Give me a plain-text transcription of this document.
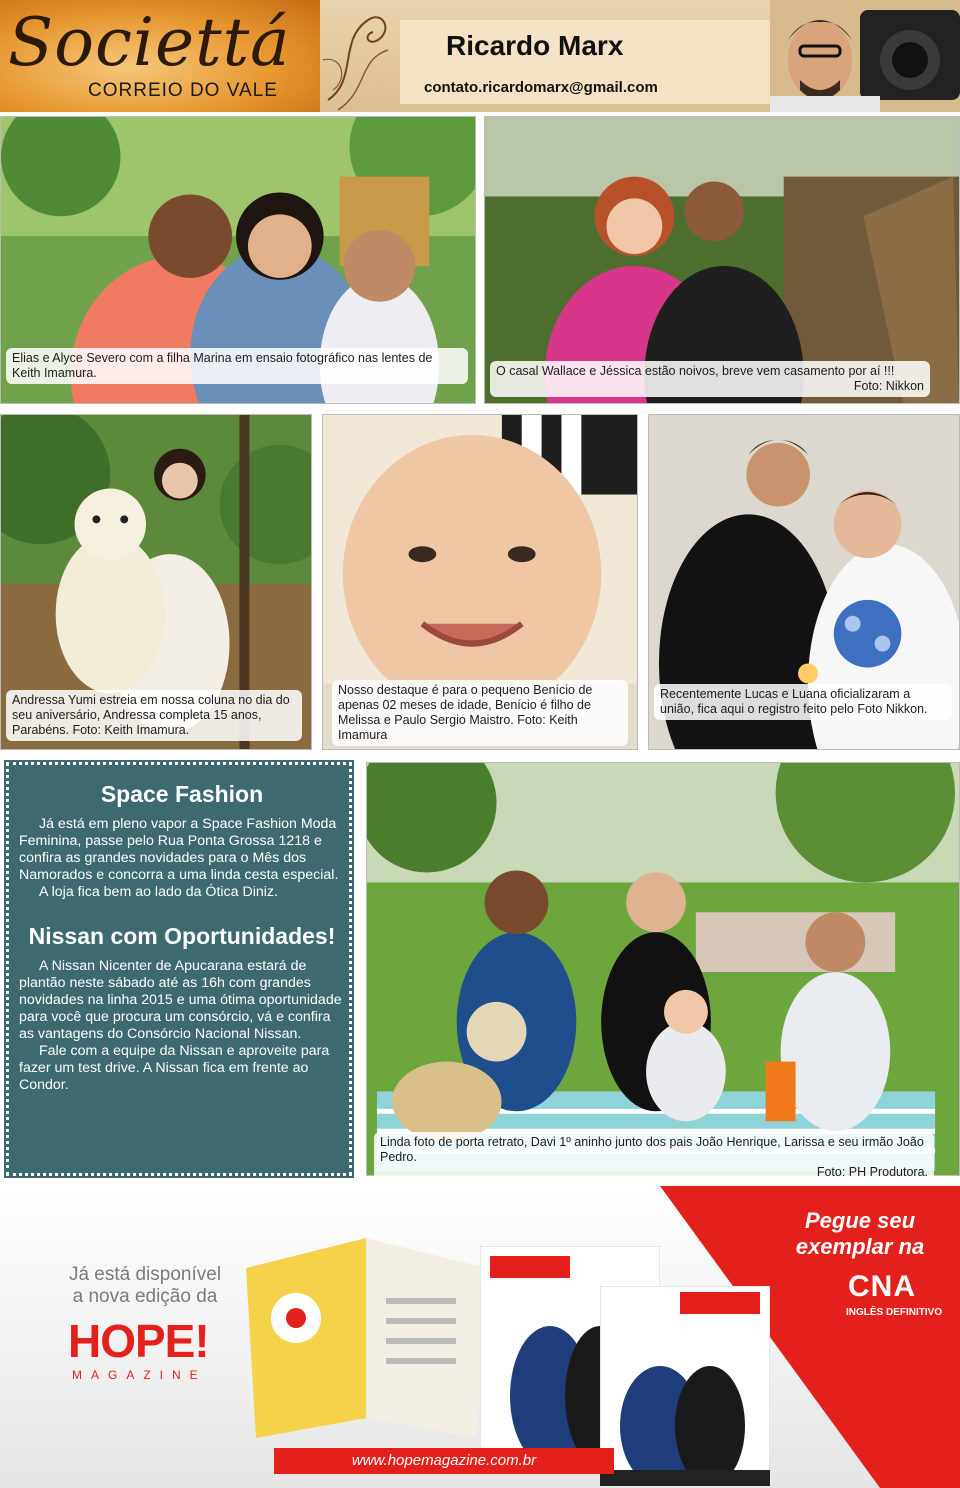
Societtá
CORREIO DO VALE
Ricardo Marx
contato.ricardomarx@gmail.com
Elias e Alyce Severo com a filha Marina em ensaio fotográfico nas lentes de Keith Imamura.	O casal Wallace e Jéssica estão noivos, breve vem casamento por aí !!!
Foto: Nikkon
Andressa Yumi estreia em nossa coluna no dia do seu aniversário, Andressa completa 15 anos, Parabéns. Foto: Keith Imamura.
Nosso destaque é para o pequeno Benício de apenas 02 meses de idade, Benício é filho de Melissa e Paulo Sergio Maistro. Foto: Keith Imamura
Recentemente Lucas e Luana oficializaram a união, fica aqui o registro feito pelo Foto Nikkon.
Space Fashion

Já está em pleno vapor a Space Fashion Moda Feminina, passe pelo Rua Ponta Grossa 1218 e confira as grandes novidades para o Mês dos Namorados e concorra a uma linda cesta especial.

A loja fica bem ao lado da Ótica Diniz.

Nissan com Oportunidades!

A Nissan Nicenter de Apucarana estará de plantão neste sábado até as 16h com grandes novidades na linha 2015 e uma ótima oportunidade para você que procura um consórcio, vá e confira as vantagens do Consórcio Nacional Nissan.

Fale com a equipe da Nissan e aproveite para fazer um test drive. A Nissan fica em frente ao Condor.

Linda foto de porta retrato, Davi 1º aninho junto dos pais João Henrique, Larissa e seu irmão João Pedro.
Foto: PH Produtora.
Já está disponível
a nova edição da
HOPE!
MAGAZINE
Pegue seu exemplar na
CNA
INGLÊS DEFINITIVO
www.hopemagazine.com.br
